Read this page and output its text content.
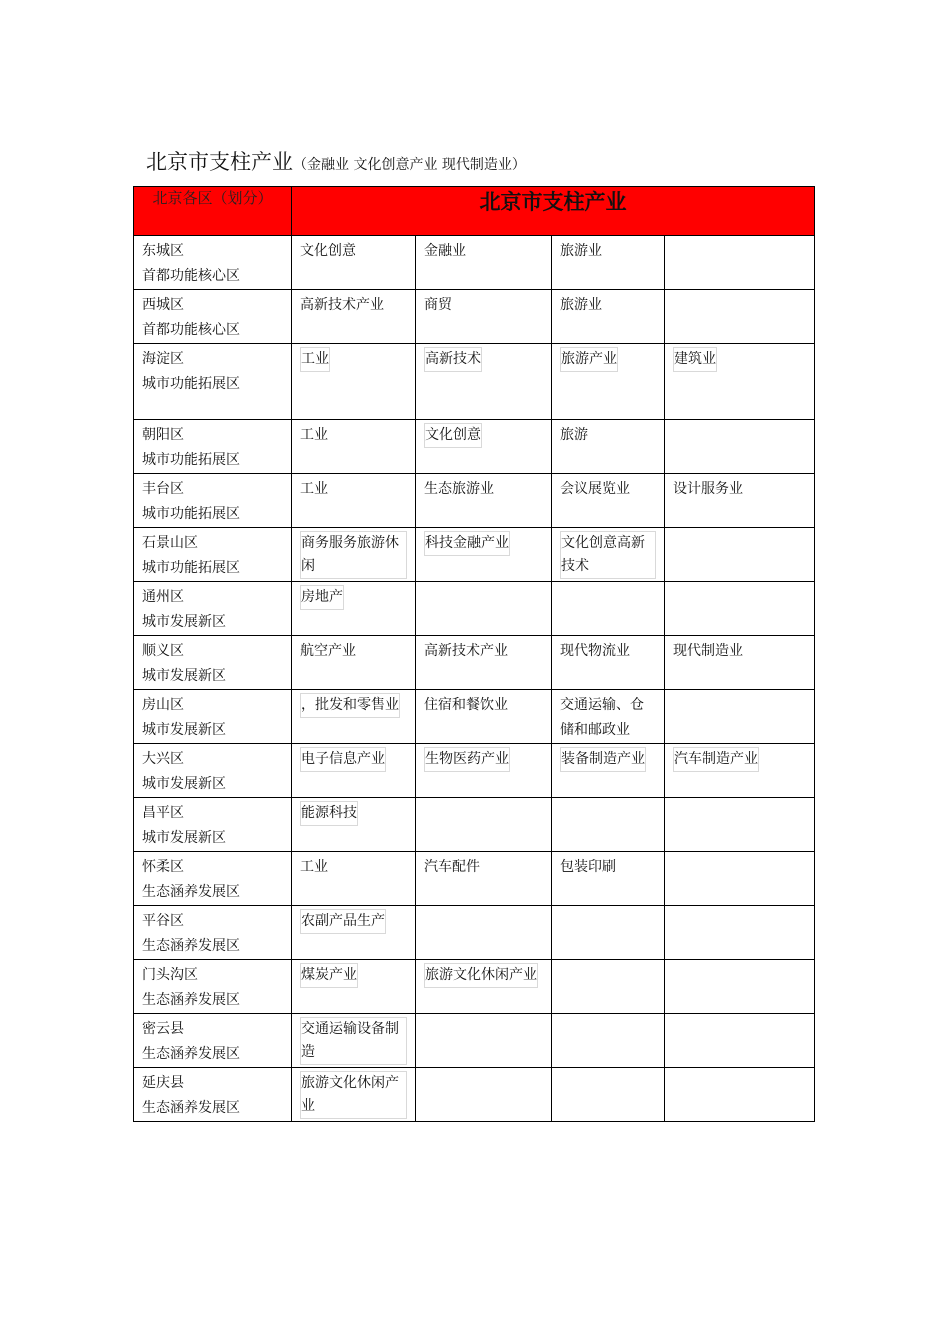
北京市支柱产业（金融业 文化创意产业 现代制造业）
北京各区（划分）	北京市支柱产业			

东城区
首都功能核心区	文化创意	金融业	旅游业	

西城区
首都功能核心区	高新技术产业	商贸	旅游业	

海淀区
城市功能拓展区	工业	高新技术	旅游产业	建筑业

朝阳区
城市功能拓展区	工业	文化创意	旅游	

丰台区
城市功能拓展区	工业	生态旅游业	会议展览业	设计服务业

石景山区
城市功能拓展区	商务服务旅游休闲	科技金融产业	文化创意高新技术	

通州区
城市发展新区	房地产			

顺义区
城市发展新区	航空产业	高新技术产业	现代物流业	现代制造业

房山区
城市发展新区	，批发和零售业	住宿和餐饮业	交通运输、仓储和邮政业	

大兴区
城市发展新区	电子信息产业	生物医药产业	装备制造产业	汽车制造产业

昌平区
城市发展新区	能源科技			

怀柔区
生态涵养发展区	工业	汽车配件	包装印刷	

平谷区
生态涵养发展区	农副产品生产			

门头沟区
生态涵养发展区	煤炭产业	旅游文化休闲产业		

密云县
生态涵养发展区	交通运输设备制造			

延庆县
生态涵养发展区	旅游文化休闲产业			
